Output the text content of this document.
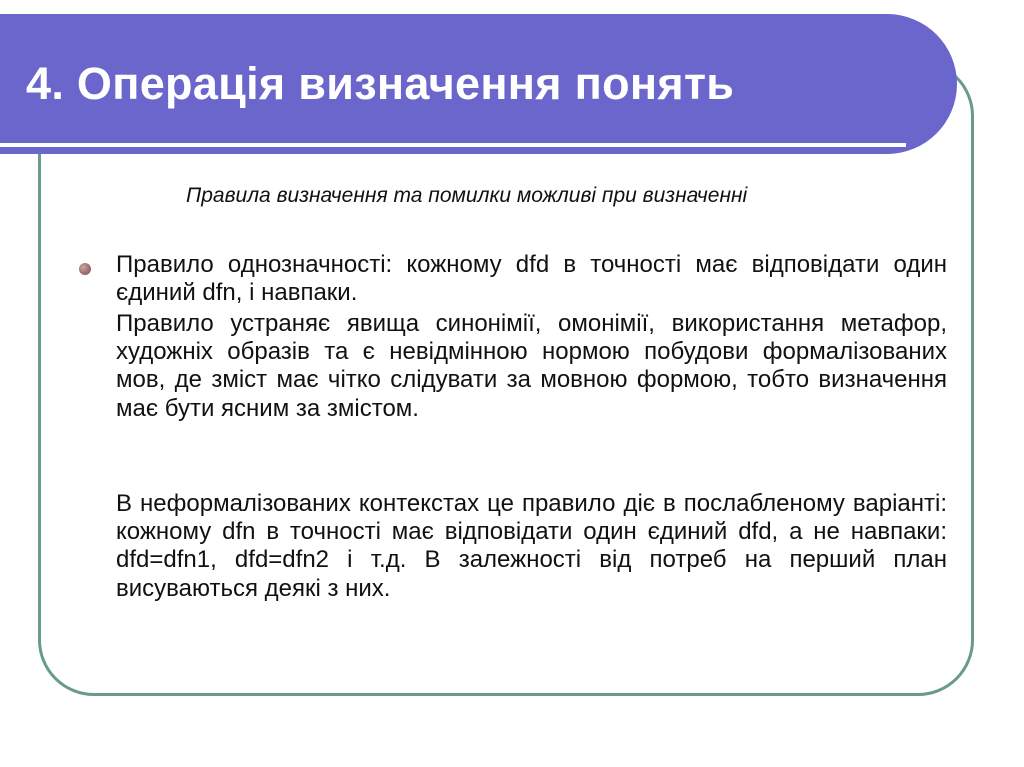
4. Операція визначення понять

Правила визначення та помилки можливі при визначенні

Правило однозначності: кожному dfd в точності має відповідати один єдиний dfn, і навпаки.

Правило устраняє явища синонімії, омонімії, використання метафор, художніх образів та є невідмінною нормою побудови формалізованих мов, де зміст має чітко слідувати за мовною формою, тобто визначення має бути ясним за змістом.

В неформалізованих контекстах це правило діє в послабленому варіанті: кожному dfn в точності має відповідати один єдиний dfd, а не навпаки: dfd=dfn1, dfd=dfn2 і т.д. В залежності від потреб на перший план висуваються деякі з них.
